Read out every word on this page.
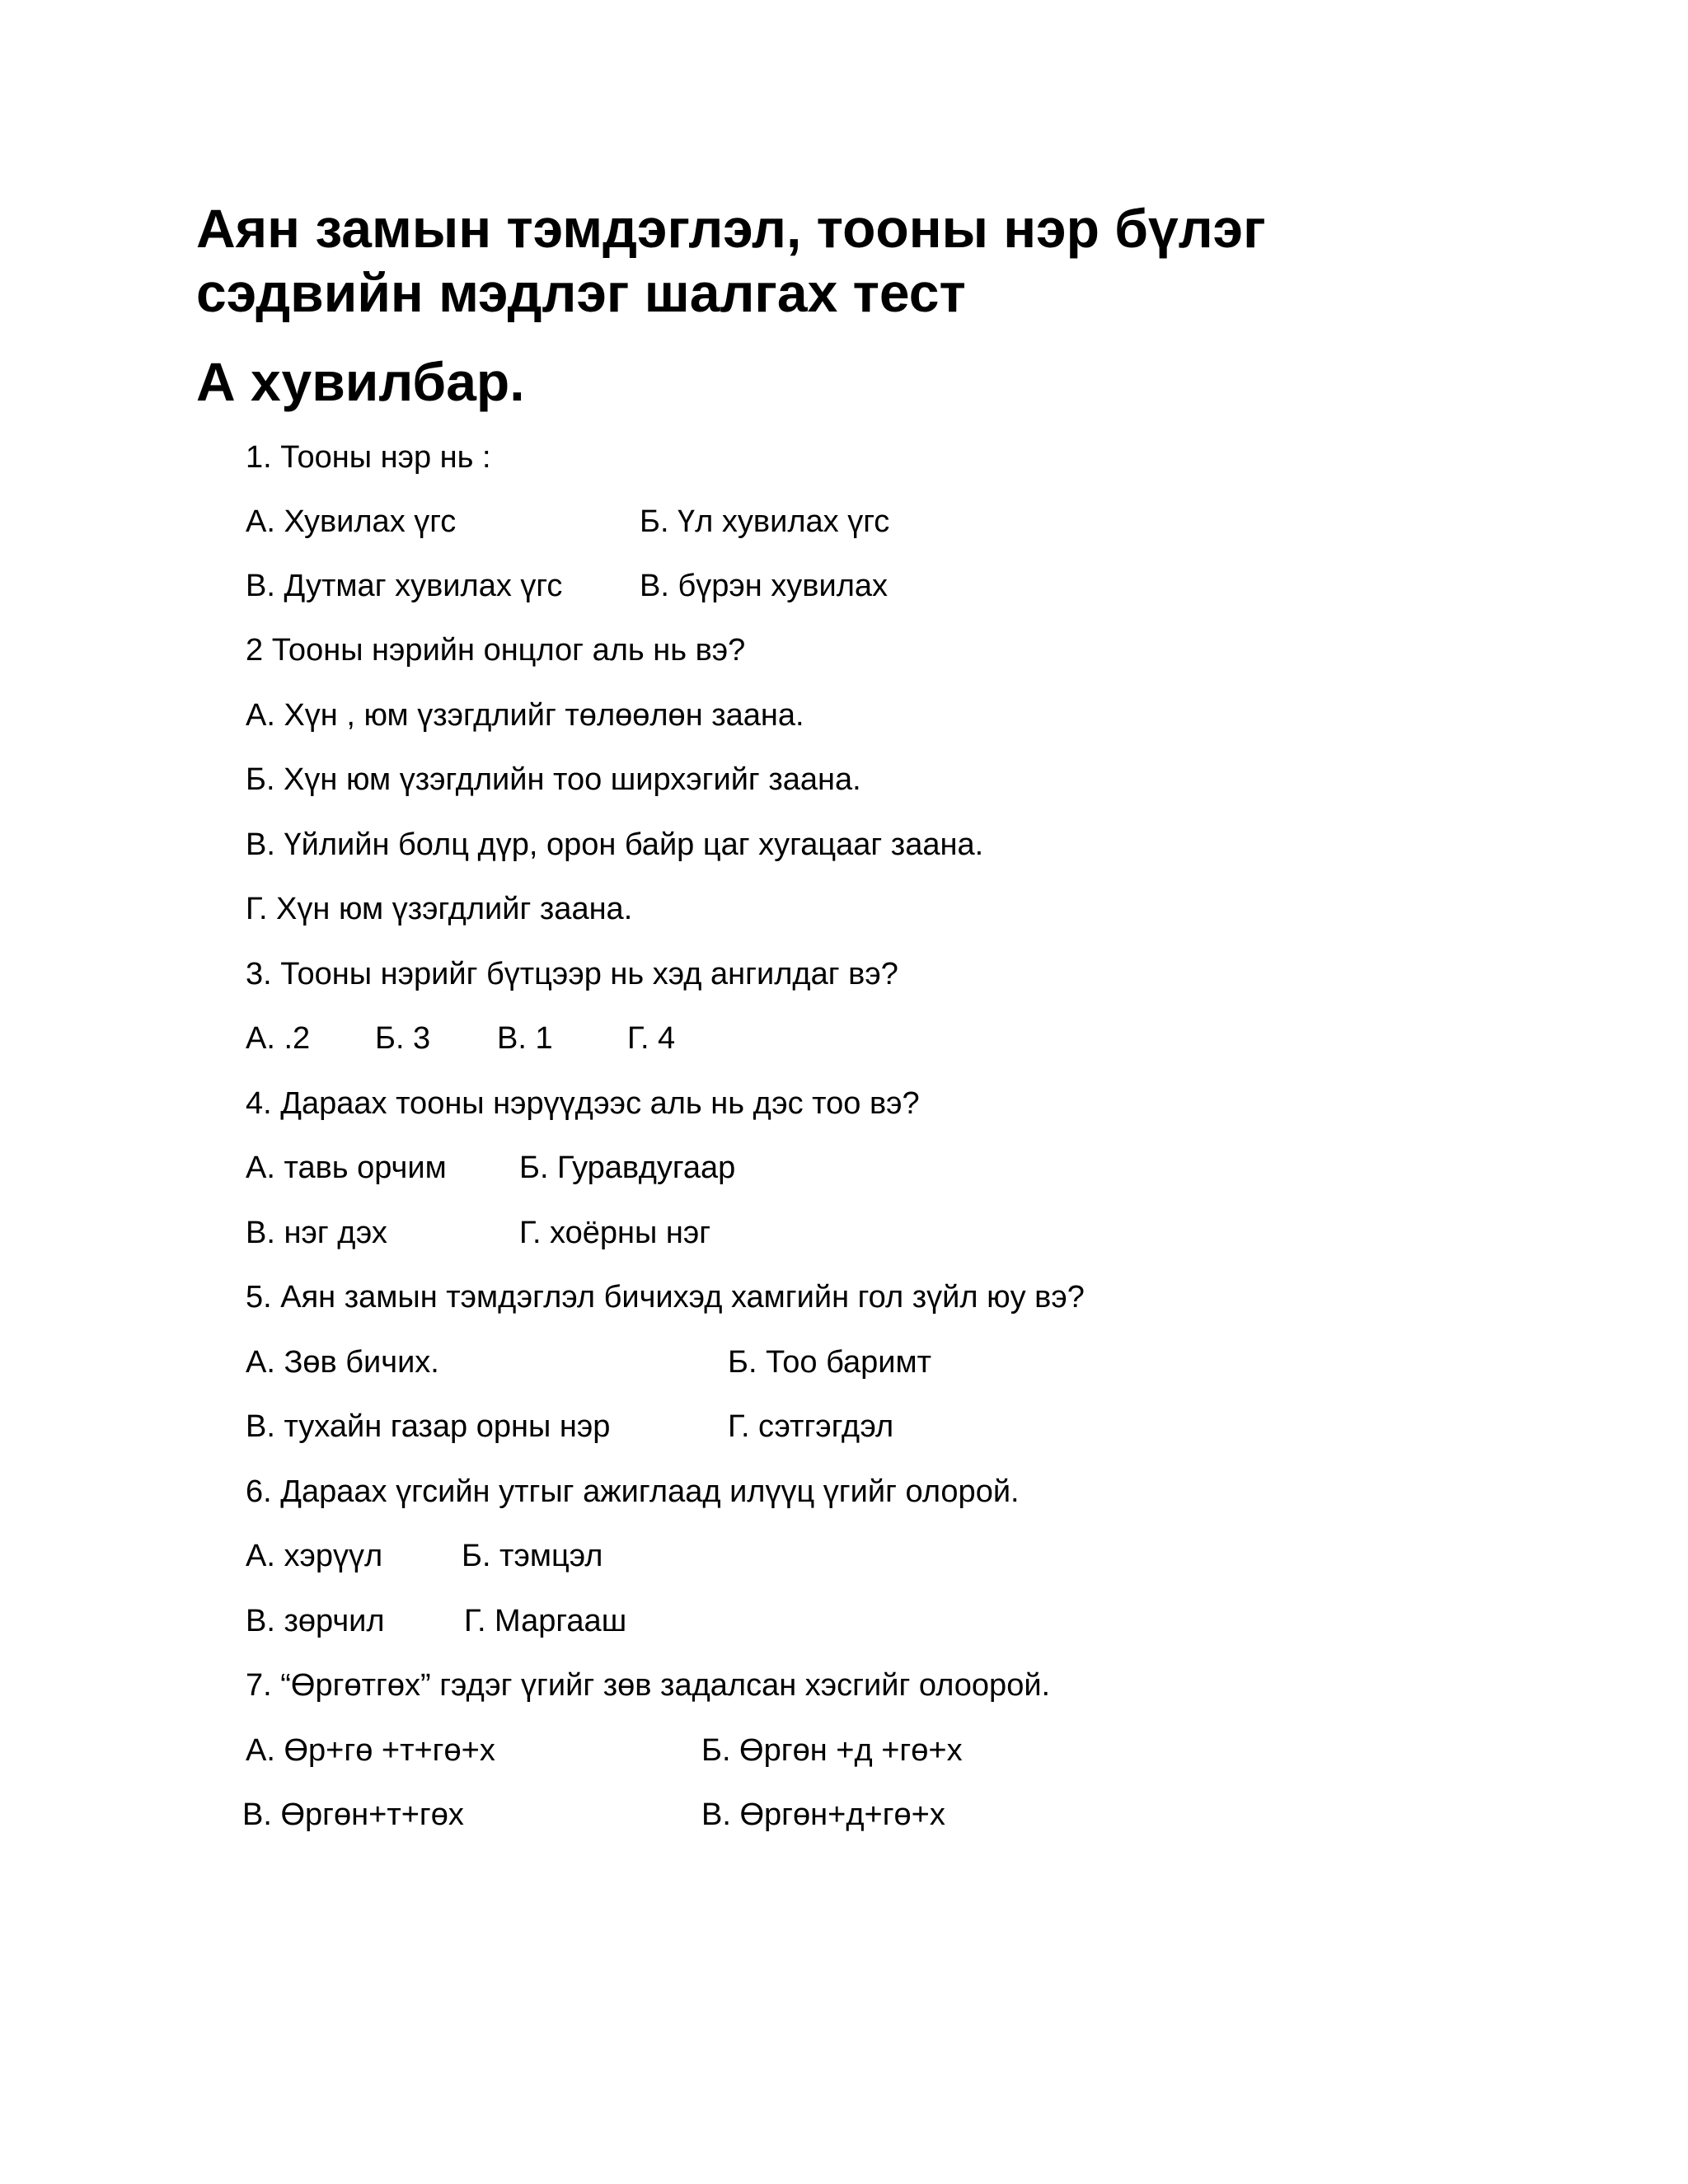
Аян замын тэмдэглэл, тооны нэр бүлэг
сэдвийн мэдлэг шалгах тест
А хувилбар.
1. Тооны нэр нь :
А. Хувилах үгс	Б. Үл хувилах үгс
В. Дутмаг хувилах үгс В. бүрэн хувилах
2 Тооны нэрийн онцлог аль нь вэ?
А. Хүн , юм үзэгдлийг төлөөлөн заана.
Б. Хүн юм үзэгдлийн тоо ширхэгийг заана.
В. Үйлийн болц дүр, орон байр цаг хугацааг заана.
Г. Хүн юм үзэгдлийг заана.
3. Тооны нэрийг бүтцээр нь хэд ангилдаг вэ?
А. .2 Б. 3 В. 1 Г. 4
4. Дараах тооны нэрүүдээс аль нь дэс тоо вэ?
А. тавь орчим Б. Гуравдугаар
В. нэг дэх	Г. хоёрны нэг
5. Аян замын тэмдэглэл бичихэд хамгийн гол зүйл юу вэ?
А. Зөв бичих.	Б. Тоо баримт
В. тухайн газар орны нэр	Г. сэтгэгдэл
6. Дараах үгсийн утгыг ажиглаад илүүц үгийг олорой.
А. хэрүүл	Б. тэмцэл
В. зөрчил	Г. Маргааш
7. “Өргөтгөх” гэдэг үгийг зөв задалсан хэсгийг олоорой.
А. Өр+гө +т+гө+х	Б. Өргөн +д +гө+х
В. Өргөн+т+гөх	В. Өргөн+д+гө+х
